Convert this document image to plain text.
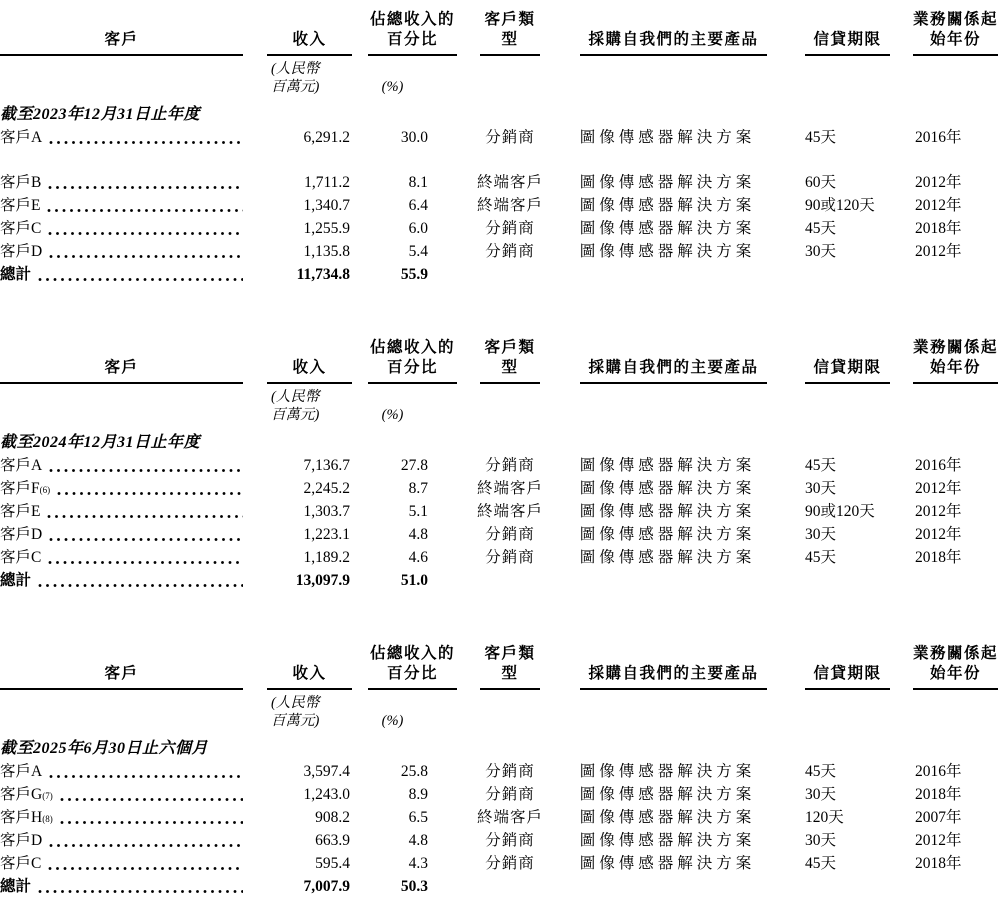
客戶	收入	佔總收入的
百分比	客戶類型	採購自我們的主要產品	信貸期限	業務關係起
始年份

	(人民幣
百萬元)	(%)				

截至2023年12月31日止年度						

客戶A	6,291.2	30.0	分銷商	圖像傳感器解決方案	45天	2016年

客戶B	1,711.2	8.1	終端客戶	圖像傳感器解決方案	60天	2012年

客戶E	1,340.7	6.4	終端客戶	圖像傳感器解決方案	90或120天	2012年

客戶C	1,255.9	6.0	分銷商	圖像傳感器解決方案	45天	2018年

客戶D	1,135.8	5.4	分銷商	圖像傳感器解決方案	30天	2012年

總計	11,734.8	55.9				
客戶	收入	佔總收入的
百分比	客戶類型	採購自我們的主要產品	信貸期限	業務關係起
始年份

	(人民幣
百萬元)	(%)				

截至2024年12月31日止年度						

客戶A	7,136.7	27.8	分銷商	圖像傳感器解決方案	45天	2016年

客戶F (6)	2,245.2	8.7	終端客戶	圖像傳感器解決方案	30天	2012年

客戶E	1,303.7	5.1	終端客戶	圖像傳感器解決方案	90或120天	2012年

客戶D	1,223.1	4.8	分銷商	圖像傳感器解決方案	30天	2012年

客戶C	1,189.2	4.6	分銷商	圖像傳感器解決方案	45天	2018年

總計	13,097.9	51.0				
客戶	收入	佔總收入的
百分比	客戶類型	採購自我們的主要產品	信貸期限	業務關係起
始年份

	(人民幣
百萬元)	(%)				

截至2025年6月30日止六個月						

客戶A	3,597.4	25.8	分銷商	圖像傳感器解決方案	45天	2016年

客戶G (7)	1,243.0	8.9	分銷商	圖像傳感器解決方案	30天	2018年

客戶H (8)	908.2	6.5	終端客戶	圖像傳感器解決方案	120天	2007年

客戶D	663.9	4.8	分銷商	圖像傳感器解決方案	30天	2012年

客戶C	595.4	4.3	分銷商	圖像傳感器解決方案	45天	2018年

總計	7,007.9	50.3				
